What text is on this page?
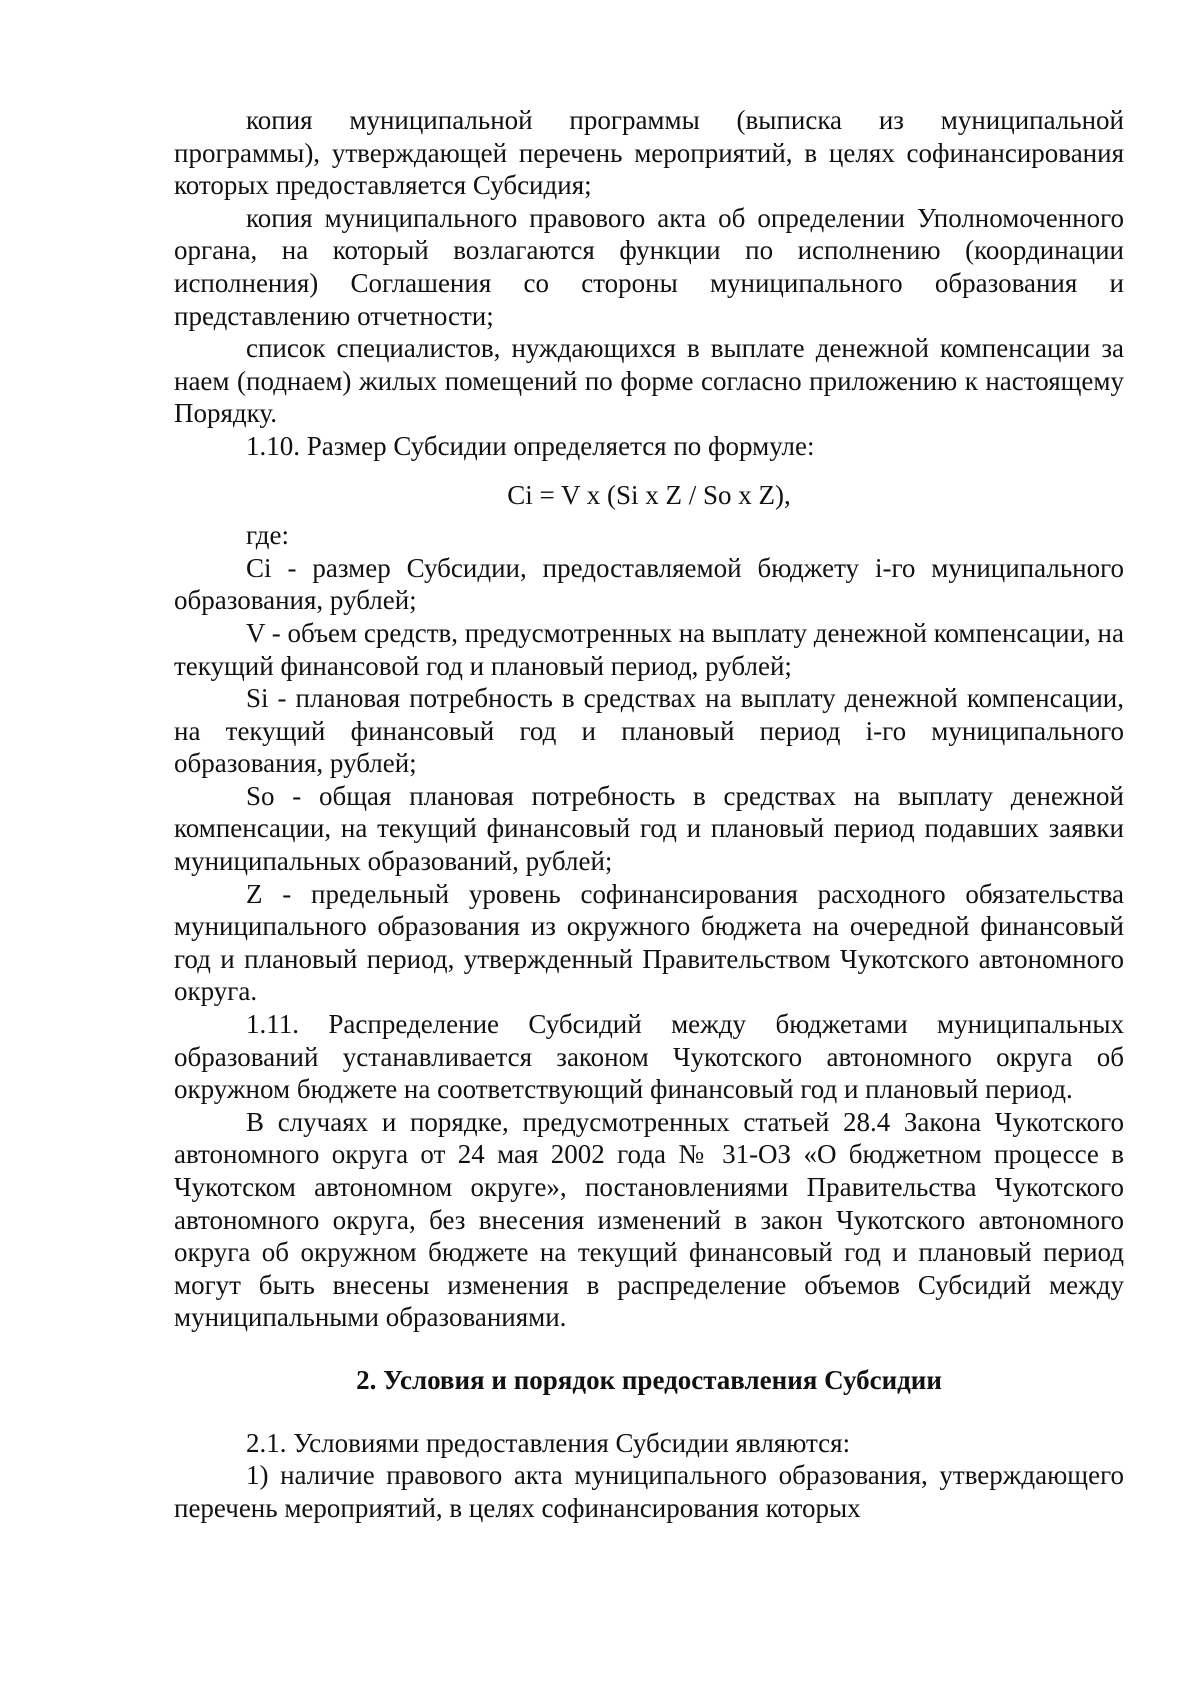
копия муниципальной программы (выписка из муниципальной программы), утверждающей перечень мероприятий, в целях софинансирования которых предоставляется Субсидия;

копия муниципального правового акта об определении Уполномоченного органа, на который возлагаются функции по исполнению (координации исполнения) Соглашения со стороны муниципального образования и представлению отчетности;

список специалистов, нуждающихся в выплате денежной компенсации за наем (поднаем) жилых помещений по форме согласно приложению к настоящему Порядку.

1.10. Размер Субсидии определяется по формуле:

Ci = V x (Si x Z / So x Z),

где:

Ci - размер Субсидии, предоставляемой бюджету i-го муниципального образования, рублей;

V - объем средств, предусмотренных на выплату денежной компенсации, на текущий финансовой год и плановый период, рублей;

Si - плановая потребность в средствах на выплату денежной компенсации, на текущий финансовый год и плановый период i-го муниципального образования, рублей;

So - общая плановая потребность в средствах на выплату денежной компенсации, на текущий финансовый год и плановый период подавших заявки муниципальных образований, рублей;

Z - предельный уровень софинансирования расходного обязательства муниципального образования из окружного бюджета на очередной финансовый год и плановый период, утвержденный Правительством Чукотского автономного округа.

1.11. Распределение Субсидий между бюджетами муниципальных образований устанавливается законом Чукотского автономного округа об окружном бюджете на соответствующий финансовый год и плановый период.

В случаях и порядке, предусмотренных статьей 28.4 Закона Чукотского автономного округа от 24 мая 2002 года № 31-ОЗ «О бюджетном процессе в Чукотском автономном округе», постановлениями Правительства Чукотского автономного округа, без внесения изменений в закон Чукотского автономного округа об окружном бюджете на текущий финансовый год и плановый период могут быть внесены изменения в распределение объемов Субсидий между муниципальными образованиями.

2. Условия и порядок предоставления Субсидии

2.1. Условиями предоставления Субсидии являются:

1) наличие правового акта муниципального образования, утверждающего перечень мероприятий, в целях софинансирования которых
